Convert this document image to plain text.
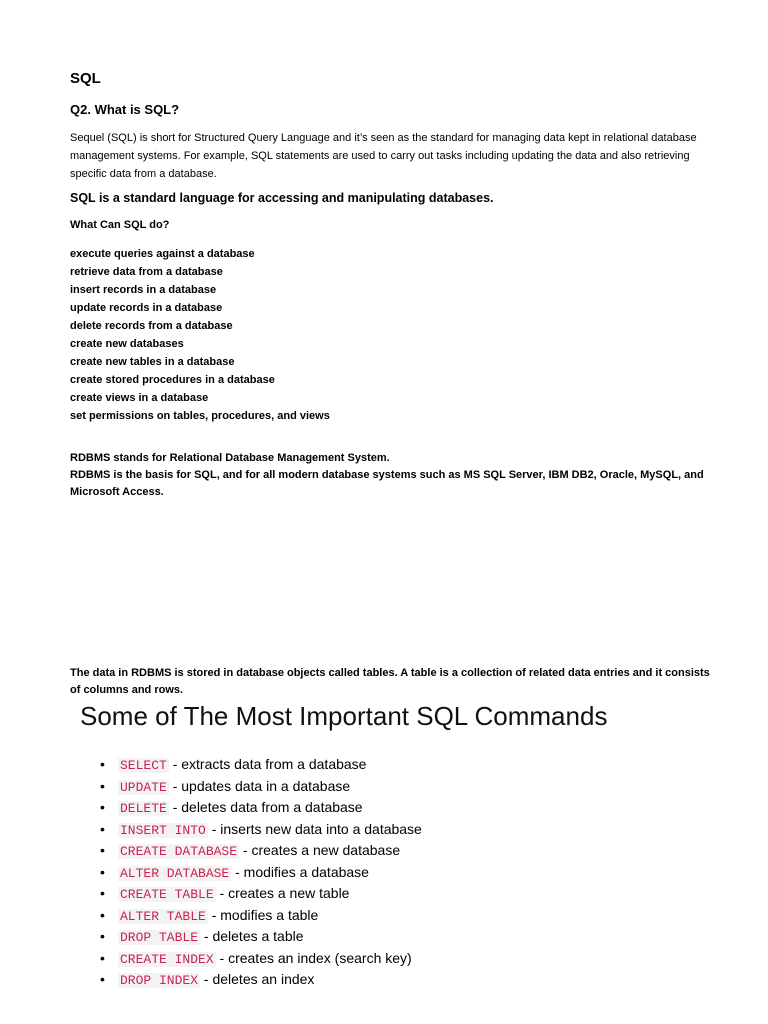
SQL
Q2. What is SQL?

Sequel (SQL) is short for Structured Query Language and it’s seen as the standard for managing data kept in relational database management systems. For example, SQL statements are used to carry out tasks including updating the data and also retrieving specific data from a database.

SQL is a standard language for accessing and manipulating databases.

What Can SQL do?

execute queries against a database
retrieve data from a database
insert records in a database
update records in a database
delete records from a database
create new databases
create new tables in a database
create stored procedures in a database
create views in a database
set permissions on tables, procedures, and views

RDBMS stands for Relational Database Management System.

RDBMS is the basis for SQL, and for all modern database systems such as MS SQL Server, IBM DB2, Oracle, MySQL, and Microsoft Access.

The data in RDBMS is stored in database objects called tables. A table is a collection of related data entries and it consists of columns and rows.

Some of The Most Important SQL Commands
• SELECT - extracts data from a database
• UPDATE - updates data in a database
• DELETE - deletes data from a database
• INSERT INTO - inserts new data into a database
• CREATE DATABASE - creates a new database
• ALTER DATABASE - modifies a database
• CREATE TABLE - creates a new table
• ALTER TABLE - modifies a table
• DROP TABLE - deletes a table
• CREATE INDEX - creates an index (search key)
• DROP INDEX - deletes an index
